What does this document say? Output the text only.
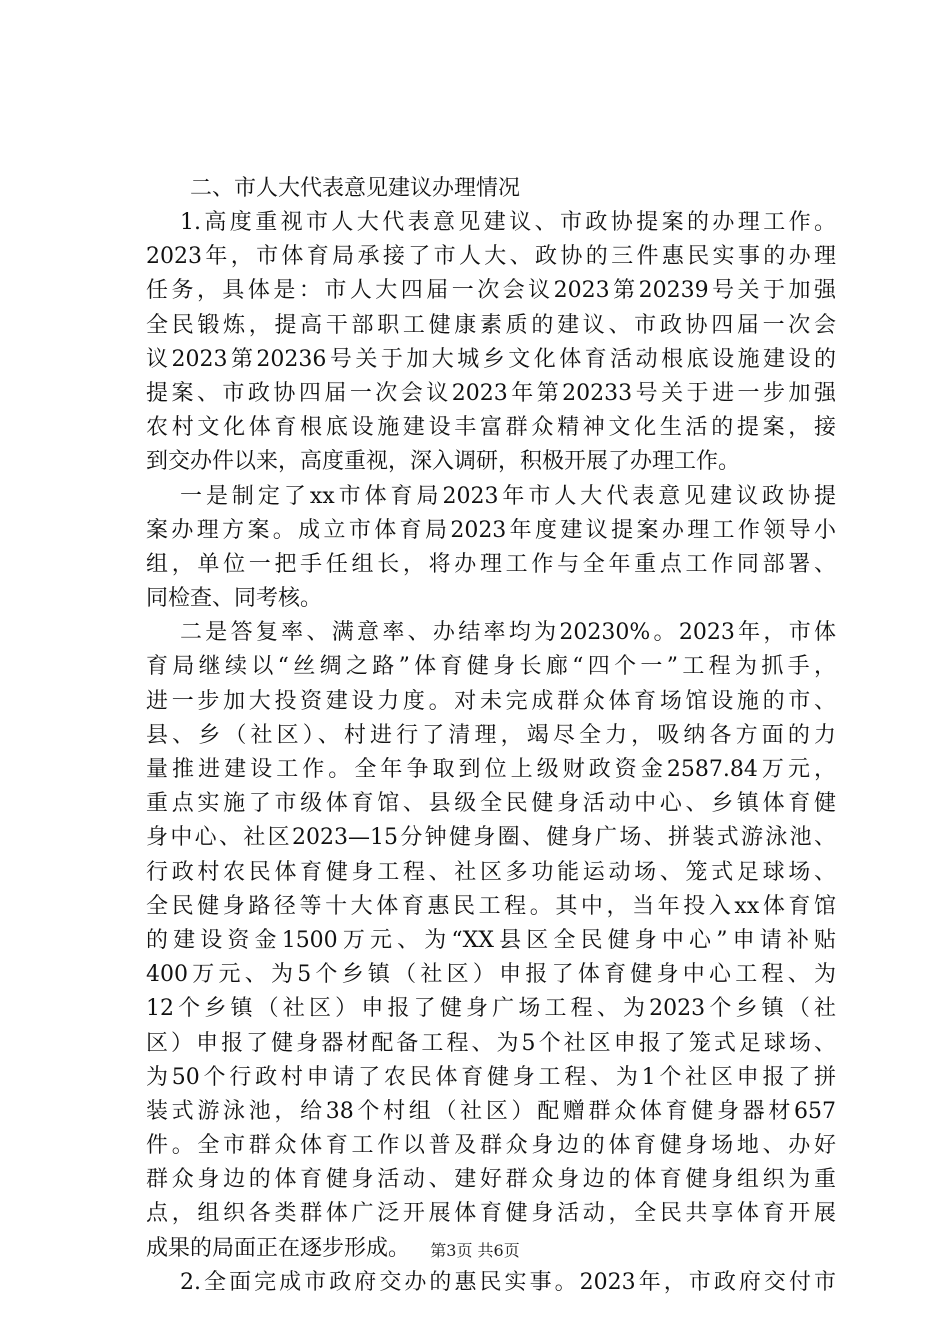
二、市人大代表意见建议办理情况
1.高度重视市人大代表意见建议、市政协提案的办理工作。
2023年，市体育局承接了市人大、政协的三件惠民实事的办理
任务，具体是：市人大四届一次会议2023第20239号关于加强
全民锻炼，提高干部职工健康素质的建议、市政协四届一次会
议2023第20236号关于加大城乡文化体育活动根底设施建设的
提案、市政协四届一次会议2023年第20233号关于进一步加强
农村文化体育根底设施建设丰富群众精神文化生活的提案，接
到交办件以来，高度重视，深入调研，积极开展了办理工作。
一是制定了xx市体育局2023年市人大代表意见建议政协提
案办理方案。成立市体育局2023年度建议提案办理工作领导小
组，单位一把手任组长，将办理工作与全年重点工作同部署、
同检查、同考核。
二是答复率、满意率、办结率均为20230%。2023年，市体
育局继续以“丝绸之路”体育健身长廊“四个一”工程为抓手，
进一步加大投资建设力度。对未完成群众体育场馆设施的市、
县、乡（社区）、村进行了清理，竭尽全力，吸纳各方面的力
量推进建设工作。全年争取到位上级财政资金2587.84万元，
重点实施了市级体育馆、县级全民健身活动中心、乡镇体育健
身中心、社区2023—15分钟健身圈、健身广场、拼装式游泳池、
行政村农民体育健身工程、社区多功能运动场、笼式足球场、
全民健身路径等十大体育惠民工程。其中，当年投入xx体育馆
的建设资金1500万元、为“XX县区全民健身中心”申请补贴
400万元、为5个乡镇（社区）申报了体育健身中心工程、为
12个乡镇（社区）申报了健身广场工程、为2023个乡镇（社
区）申报了健身器材配备工程、为5个社区申报了笼式足球场、
为50个行政村申请了农民体育健身工程、为1个社区申报了拼
装式游泳池，给38个村组（社区）配赠群众体育健身器材657
件。全市群众体育工作以普及群众身边的体育健身场地、办好
群众身边的体育健身活动、建好群众身边的体育健身组织为重
点，组织各类群体广泛开展体育健身活动，全民共享体育开展
成果的局面正在逐步形成。
2.全面完成市政府交办的惠民实事。2023年，市政府交付市
第3页 共6页
